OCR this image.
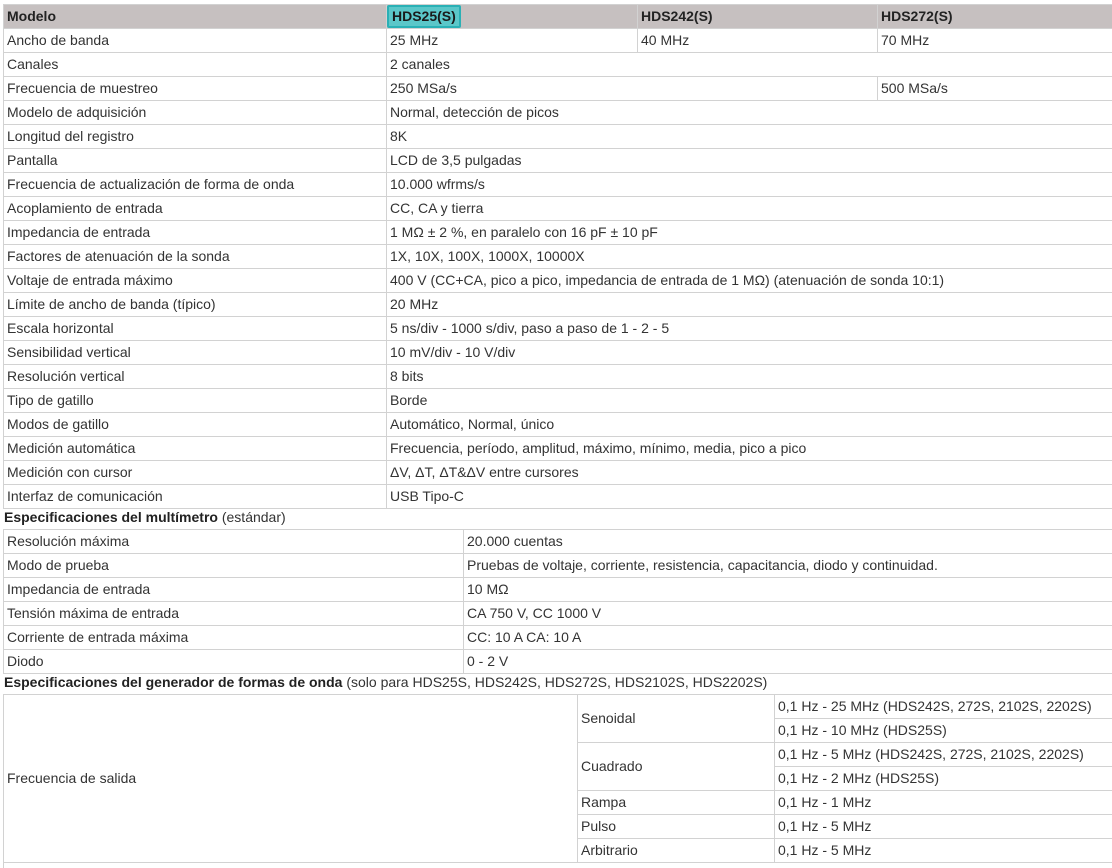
Modelo	HDS25(S)	HDS242(S)	HDS272(S)
Ancho de banda	25 MHz	40 MHz	70 MHz
Canales	2 canales		
Frecuencia de muestreo	250 MSa/s		500 MSa/s
Modelo de adquisición	Normal, detección de picos		
Longitud del registro	8K		
Pantalla	LCD de 3,5 pulgadas		
Frecuencia de actualización de forma de onda	10.000 wfrms/s		
Acoplamiento de entrada	CC, CA y tierra		
Impedancia de entrada	1 MΩ ± 2 %, en paralelo con 16 pF ± 10 pF		
Factores de atenuación de la sonda	1X, 10X, 100X, 1000X, 10000X		
Voltaje de entrada máximo	400 V (CC+CA, pico a pico, impedancia de entrada de 1 MΩ) (atenuación de sonda 10:1)		
Límite de ancho de banda (típico)	20 MHz		
Escala horizontal	5 ns/div - 1000 s/div, paso a paso de 1 - 2 - 5		
Sensibilidad vertical	10 mV/div - 10 V/div		
Resolución vertical	8 bits		
Tipo de gatillo	Borde		
Modos de gatillo	Automático, Normal, único		
Medición automática	Frecuencia, período, amplitud, máximo, mínimo, media, pico a pico		
Medición con cursor	ΔV, ΔT, ΔT&ΔV entre cursores		
Interfaz de comunicación	USB Tipo-C		
Especificaciones del multímetro (estándar)
Resolución máxima	20.000 cuentas
Modo de prueba	Pruebas de voltaje, corriente, resistencia, capacitancia, diodo y continuidad.
Impedancia de entrada	10 MΩ
Tensión máxima de entrada	CA 750 V, CC 1000 V
Corriente de entrada máxima	CC: 10 A CA: 10 A
Diodo	0 - 2 V
Especificaciones del generador de formas de onda (solo para HDS25S, HDS242S, HDS272S, HDS2102S, HDS2202S)
Frecuencia de salida	Senoidal	0,1 Hz - 25 MHz (HDS242S, 272S, 2102S, 2202S)
		0,1 Hz - 10 MHz (HDS25S)
	Cuadrado	0,1 Hz - 5 MHz (HDS242S, 272S, 2102S, 2202S)
		0,1 Hz - 2 MHz (HDS25S)
	Rampa	0,1 Hz - 1 MHz
	Pulso	0,1 Hz - 5 MHz
	Arbitrario	0,1 Hz - 5 MHz
